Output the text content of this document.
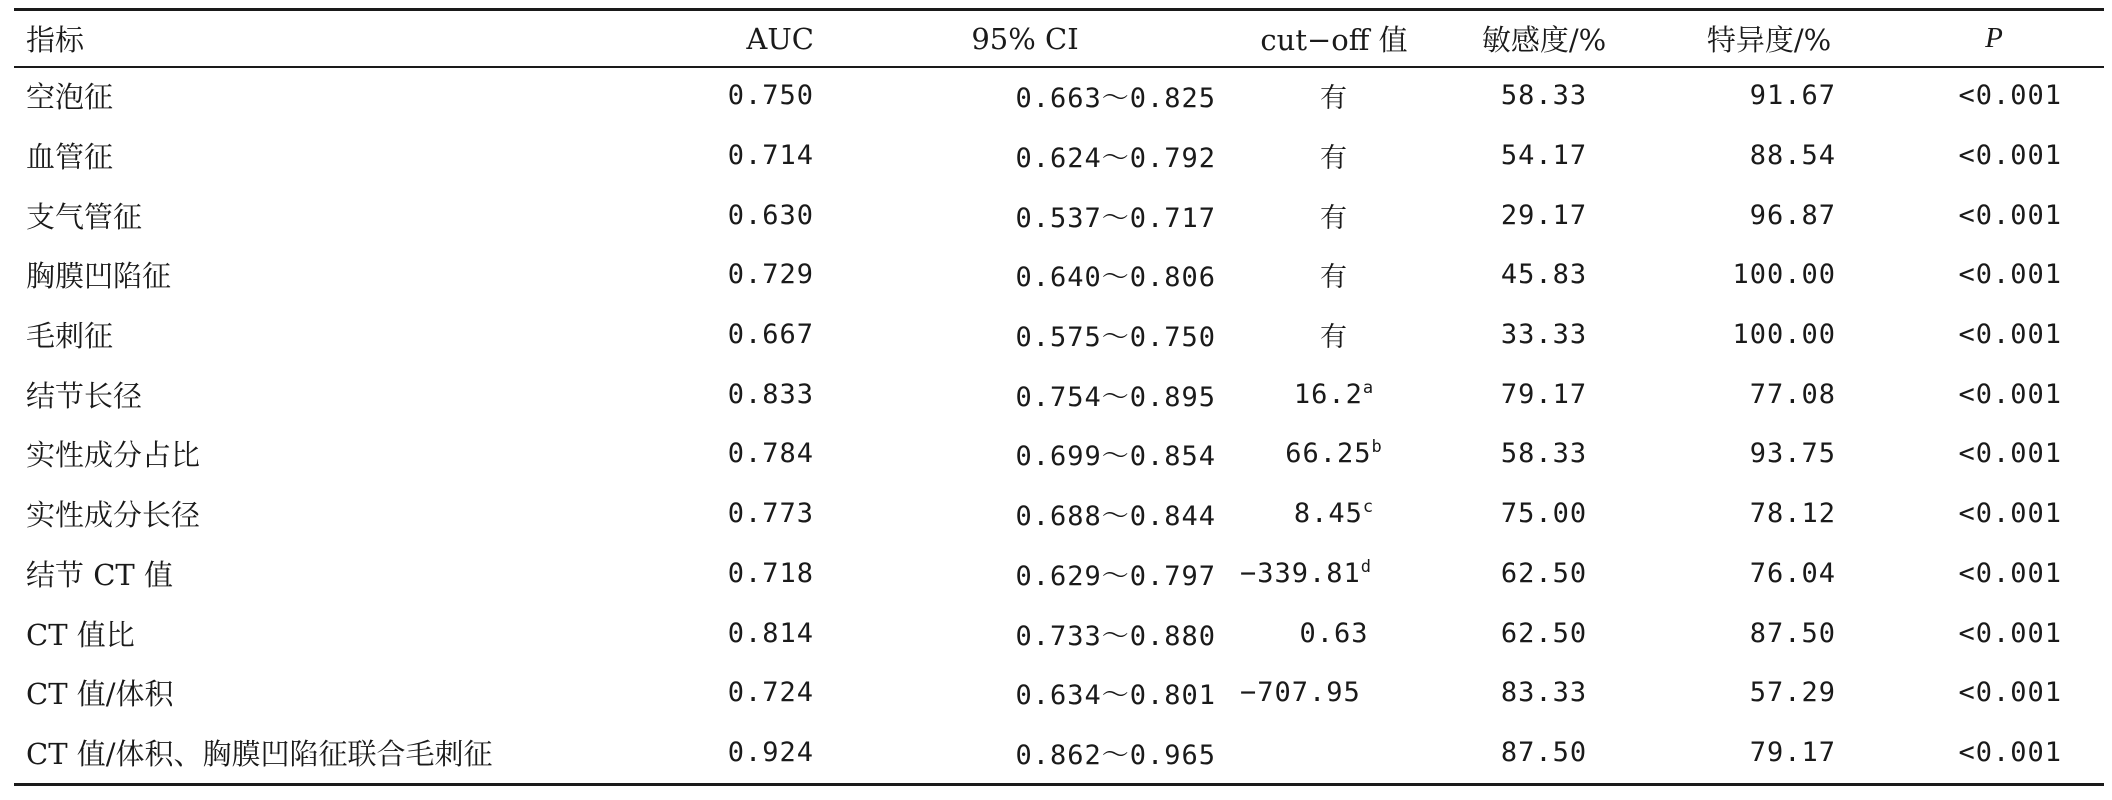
指标	AUC	95% CI	cut−off 值	敏感度/%	特异度/%	P
空泡征	0.750	0.663～0.825	有	58.33	91.67	<0.001
血管征	0.714	0.624～0.792	有	54.17	88.54	<0.001
支气管征	0.630	0.537～0.717	有	29.17	96.87	<0.001
胸膜凹陷征	0.729	0.640～0.806	有	45.83	100.00	<0.001
毛刺征	0.667	0.575～0.750	有	33.33	100.00	<0.001
结节长径	0.833	0.754～0.895	16.2$^a$	79.17	77.08	<0.001
实性成分占比	0.784	0.699～0.854	66.25$^b$	58.33	93.75	<0.001
实性成分长径	0.773	0.688～0.844	8.45$^c$	75.00	78.12	<0.001
结节 CT 值	0.718	0.629～0.797	−339.81$^d$	62.50	76.04	<0.001
CT 值比	0.814	0.733～0.880	0.63	62.50	87.50	<0.001
CT 值/体积	0.724	0.634～0.801	−707.95	83.33	57.29	<0.001
CT 值/体积、胸膜凹陷征联合毛刺征	0.924	0.862～0.965		87.50	79.17	<0.001
